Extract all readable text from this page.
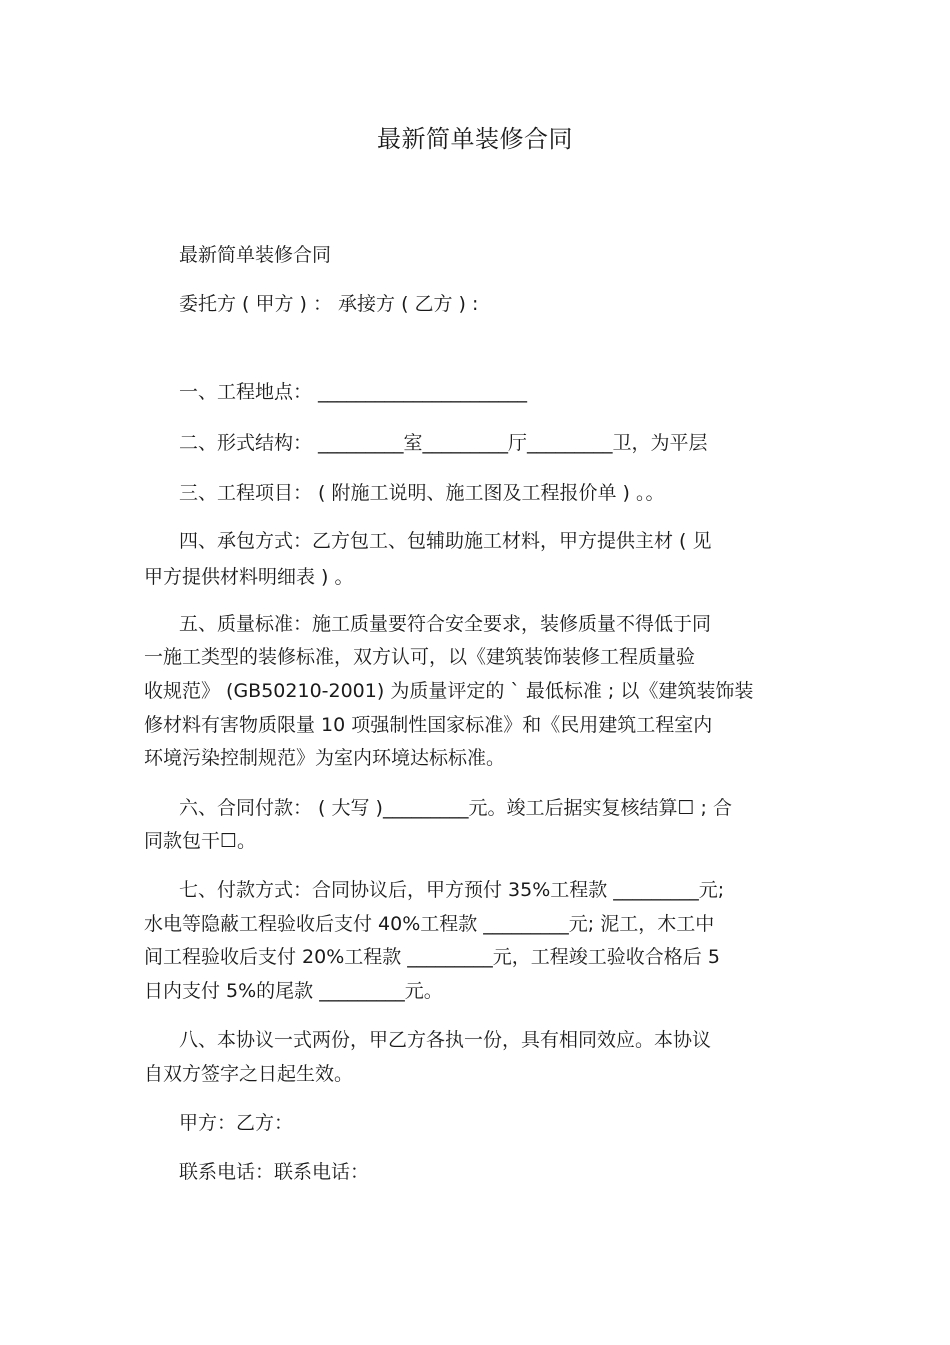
最新简单装修合同
最新简单装修合同
委托方 ( 甲方 ) ： 承接方 ( 乙方 ) :
一、工程地点： ______________________
二、形式结构： _________室_________厅_________卫，为平层
三、工程项目： ( 附施工说明、施工图及工程报价单 ) 。。
四、承包方式：乙方包工、包辅助施工材料，甲方提供主材 ( 见
甲方提供材料明细表 ) 。
五、质量标准：施工质量要符合安全要求，装修质量不得低于同
一施工类型的装修标准，双方认可，以《建筑装饰装修工程质量验
收规范》 (GB50210-2001) 为质量评定的 ` 最低标准 ; 以《建筑装饰装
修材料有害物质限量 10 项强制性国家标准》和《民用建筑工程室内
环境污染控制规范》为室内环境达标标准。
六、合同付款： ( 大写 )_________元。竣工后据实复核结算☐ ; 合
同款包干☐。
七、付款方式：合同协议后，甲方预付 35%工程款 _________元;
水电等隐蔽工程验收后支付 40%工程款 _________元; 泥工，木工中
间工程验收后支付 20%工程款 _________元，工程竣工验收合格后 5
日内支付 5%的尾款 _________元。
八、本协议一式两份，甲乙方各执一份，具有相同效应。本协议
自双方签字之日起生效。
甲方：乙方：
联系电话：联系电话：
